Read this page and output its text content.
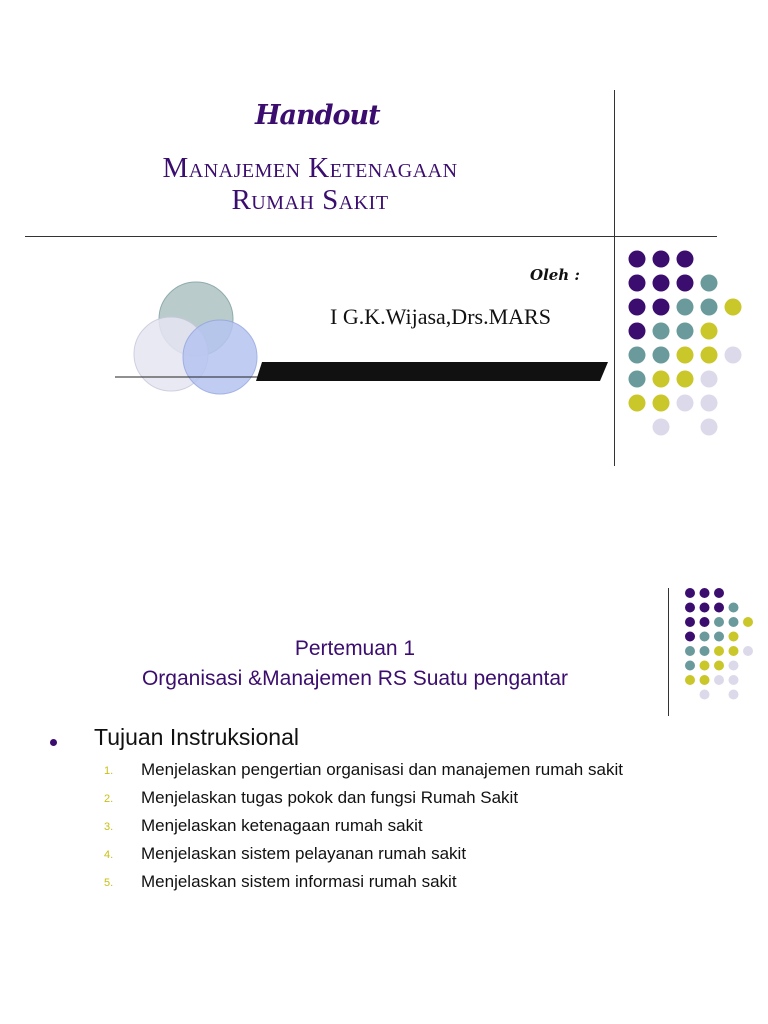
Handout
Manajemen Ketenagaan
Rumah Sakit
Oleh :
I G.K.Wijasa,Drs.MARS
Pertemuan 1
Organisasi &Manajemen RS Suatu pengantar
Tujuan Instruksional
1. Menjelaskan pengertian organisasi dan manajemen rumah sakit
2. Menjelaskan tugas pokok dan fungsi Rumah Sakit
3. Menjelaskan ketenagaan rumah sakit
4. Menjelaskan sistem pelayanan rumah sakit
5. Menjelaskan sistem informasi rumah sakit
